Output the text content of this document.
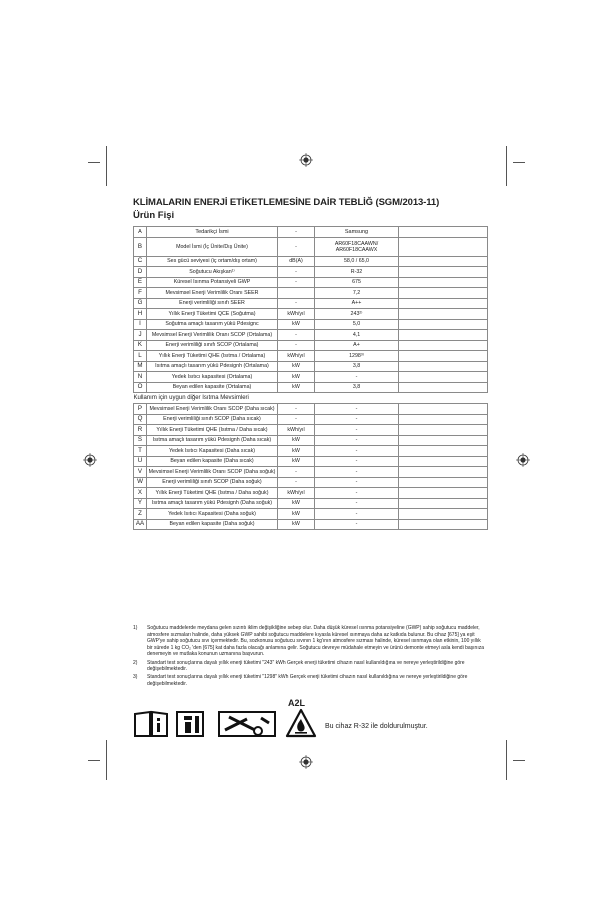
KLİMALARIN ENERJİ ETİKETLEMESİNE DAİR TEBLİĞ (SGM/2013-11)
Ürün Fişi
A	Tedarikçi İsmi	-	Samsung	
B	Model İsmi (İç Ünite/Dış Ünite)	-	AR60F18CAAWN/
AR60F18CAAWX	
C	Ses gücü seviyesi (iç ortam/dış ortam)	dB(A)	58,0 / 65,0	
D	Soğutucu Akışkan¹⁾	-	R-32	
E	Küresel Isınma Potansiyeli GWP	-	675	
F	Mevsimsel Enerji Verimlilik Oranı SEER		7,2	
G	Enerji verimliliği sınıfı SEER	-	A++	
H	Yıllık Enerji Tüketimi QCE (Soğutma)	kWh/yıl	243²⁾	
I	Soğutma amaçlı tasarım yükü Pdesignc	kW	5,0	
J	Mevsimsel Enerji Verimlilik Oranı SCOP (Ortalama)	-	4,1	
K	Enerji verimliliği sınıfı SCOP (Ortalama)	-	A+	
L	Yıllık Enerji Tüketimi QHE (Isıtma / Ortalama)	kWh/yıl	1298³⁾	
M	Isıtma amaçlı tasarım yükü Pdesignh (Ortalama)	kW	3,8	
N	Yedek Isıtıcı kapasitesi (Ortalama)	kW	-	
O	Beyan edilen kapasite (Ortalama)	kW	3,8	
Kullanım için uygun diğer Isıtma Mevsimleri				
P	Mevsimsel Enerji Verimlilik Oranı SCOP (Daha sıcak)	-	-	
Q	Enerji verimliliği sınıfı SCOP (Daha sıcak)	-	-	
R	Yıllık Enerji Tüketimi QHE (Isıtma / Daha sıcak)	kWh/yıl	-	
S	Isıtma amaçlı tasarım yükü Pdesignh (Daha sıcak)	kW	-	
T	Yedek Isıtıcı Kapasitesi (Daha sıcak)	kW	-	
U	Beyan edilen kapasite (Daha sıcak)	kW	-	
V	Mevsimsel Enerji Verimlilik Oranı SCOP (Daha soğuk)	-	-	
W	Enerji verimliliği sınıfı SCOP (Daha soğuk)	-	-	
X	Yıllık Enerji Tüketimi QHE (Isıtma / Daha soğuk)	kWh/yıl	-	
Y	Isıtma amaçlı tasarım yükü Pdesignh (Daha soğuk)	kW	-	
Z	Yedek Isıtıcı Kapasitesi (Daha soğuk)	kW	-	
AA	Beyan edilen kapasite (Daha soğuk)	kW	-	
1)	Soğutucu maddelerde meydana gelen sızıntı iklim değişikliğine sebep olur. Daha düşük küresel ısınma potansiyeline (GWP) sahip soğutucu maddeler, atmosfere sızmaları halinde, daha yüksek GWP sahibi soğutucu maddelere kıyasla küresel ısınmaya daha az katkıda bulunur. Bu cihaz [675] ya eşit GWP'ye sahip soğutucu sıvı içermektedir. Bu, sozkonusu soğutucu sıvının 1 kg'ının atmosfere sızması halinde, küresel ısınmaya olan etkinin, 100 yıllık bir sürede 1 kg CO₂ 'den [675] kat daha fazla olacağı anlamına gelir. Soğutucu devreye müdahale etmeyin ve ürünü demonte etmeyi asla kendi başınıza denemeyin ve mutlaka konunun uzmanına başvurun.
2)	Standart test sonuçlarına dayalı yıllık enerji tüketimi "243" kWh Gerçek enerji tüketimi cihazın nasıl kullanıldığına ve nereye yerleştirildiğine göre değişebilmektedir.
3)	Standart test sonuçlarına dayalı yıllık enerji tüketimi "1298" kWh Gerçek enerji tüketimi cihazın nasıl kullanıldığına ve nereye yerleştirildiğine göre değişebilmektedir.
A2L
Bu cihaz R-32 ile doldurulmuştur.
